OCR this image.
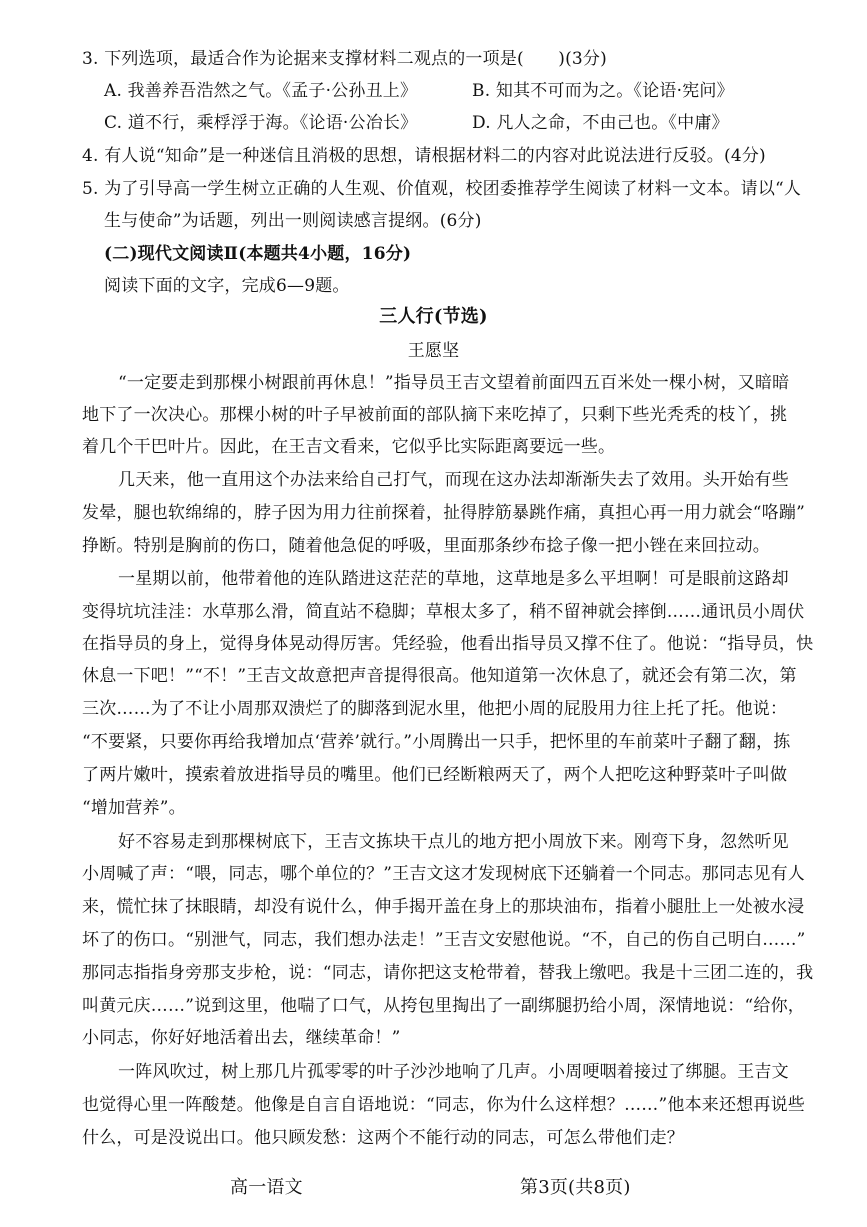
3. 下列选项，最适合作为论据来支撑材料二观点的一项是(　　)(3分)
A. 我善养吾浩然之气。《孟子·公孙丑上》	B. 知其不可而为之。《论语·宪问》
C. 道不行，乘桴浮于海。《论语·公冶长》	D. 凡人之命，不由己也。《中庸》
4. 有人说“知命”是一种迷信且消极的思想，请根据材料二的内容对此说法进行反驳。(4分)
5. 为了引导高一学生树立正确的人生观、价值观，校团委推荐学生阅读了材料一文本。请以“人
生与使命”为话题，列出一则阅读感言提纲。(6分)
(二)现代文阅读Ⅱ(本题共4小题，16分)
阅读下面的文字，完成6—9题。
三人行(节选)
王愿坚
“一定要走到那棵小树跟前再休息！”指导员王吉文望着前面四五百米处一棵小树，又暗暗
地下了一次决心。那棵小树的叶子早被前面的部队摘下来吃掉了，只剩下些光秃秃的枝丫，挑
着几个干巴叶片。因此，在王吉文看来，它似乎比实际距离要远一些。
几天来，他一直用这个办法来给自己打气，而现在这办法却渐渐失去了效用。头开始有些
发晕，腿也软绵绵的，脖子因为用力往前探着，扯得脖筋暴跳作痛，真担心再一用力就会“咯蹦”
挣断。特别是胸前的伤口，随着他急促的呼吸，里面那条纱布捻子像一把小锉在来回拉动。
一星期以前，他带着他的连队踏进这茫茫的草地，这草地是多么平坦啊！可是眼前这路却
变得坑坑洼洼：水草那么滑，简直站不稳脚；草根太多了，稍不留神就会摔倒……通讯员小周伏
在指导员的身上，觉得身体晃动得厉害。凭经验，他看出指导员又撑不住了。他说：“指导员，快
休息一下吧！”“不！”王吉文故意把声音提得很高。他知道第一次休息了，就还会有第二次，第
三次……为了不让小周那双溃烂了的脚落到泥水里，他把小周的屁股用力往上托了托。他说：
“不要紧，只要你再给我增加点‘营养’就行。”小周腾出一只手，把怀里的车前菜叶子翻了翻，拣
了两片嫩叶，摸索着放进指导员的嘴里。他们已经断粮两天了，两个人把吃这种野菜叶子叫做
“增加营养”。
好不容易走到那棵树底下，王吉文拣块干点儿的地方把小周放下来。刚弯下身，忽然听见
小周喊了声：“喂，同志，哪个单位的？”王吉文这才发现树底下还躺着一个同志。那同志见有人
来，慌忙抹了抹眼睛，却没有说什么，伸手揭开盖在身上的那块油布，指着小腿肚上一处被水浸
坏了的伤口。“别泄气，同志，我们想办法走！”王吉文安慰他说。“不，自己的伤自己明白……”
那同志指指身旁那支步枪，说：“同志，请你把这支枪带着，替我上缴吧。我是十三团二连的，我
叫黄元庆……”说到这里，他喘了口气，从挎包里掏出了一副绑腿扔给小周，深情地说：“给你，
小同志，你好好地活着出去，继续革命！”
一阵风吹过，树上那几片孤零零的叶子沙沙地响了几声。小周哽咽着接过了绑腿。王吉文
也觉得心里一阵酸楚。他像是自言自语地说：“同志，你为什么这样想？……”他本来还想再说些
什么，可是没说出口。他只顾发愁：这两个不能行动的同志，可怎么带他们走？
高一语文	第3页(共8页)
